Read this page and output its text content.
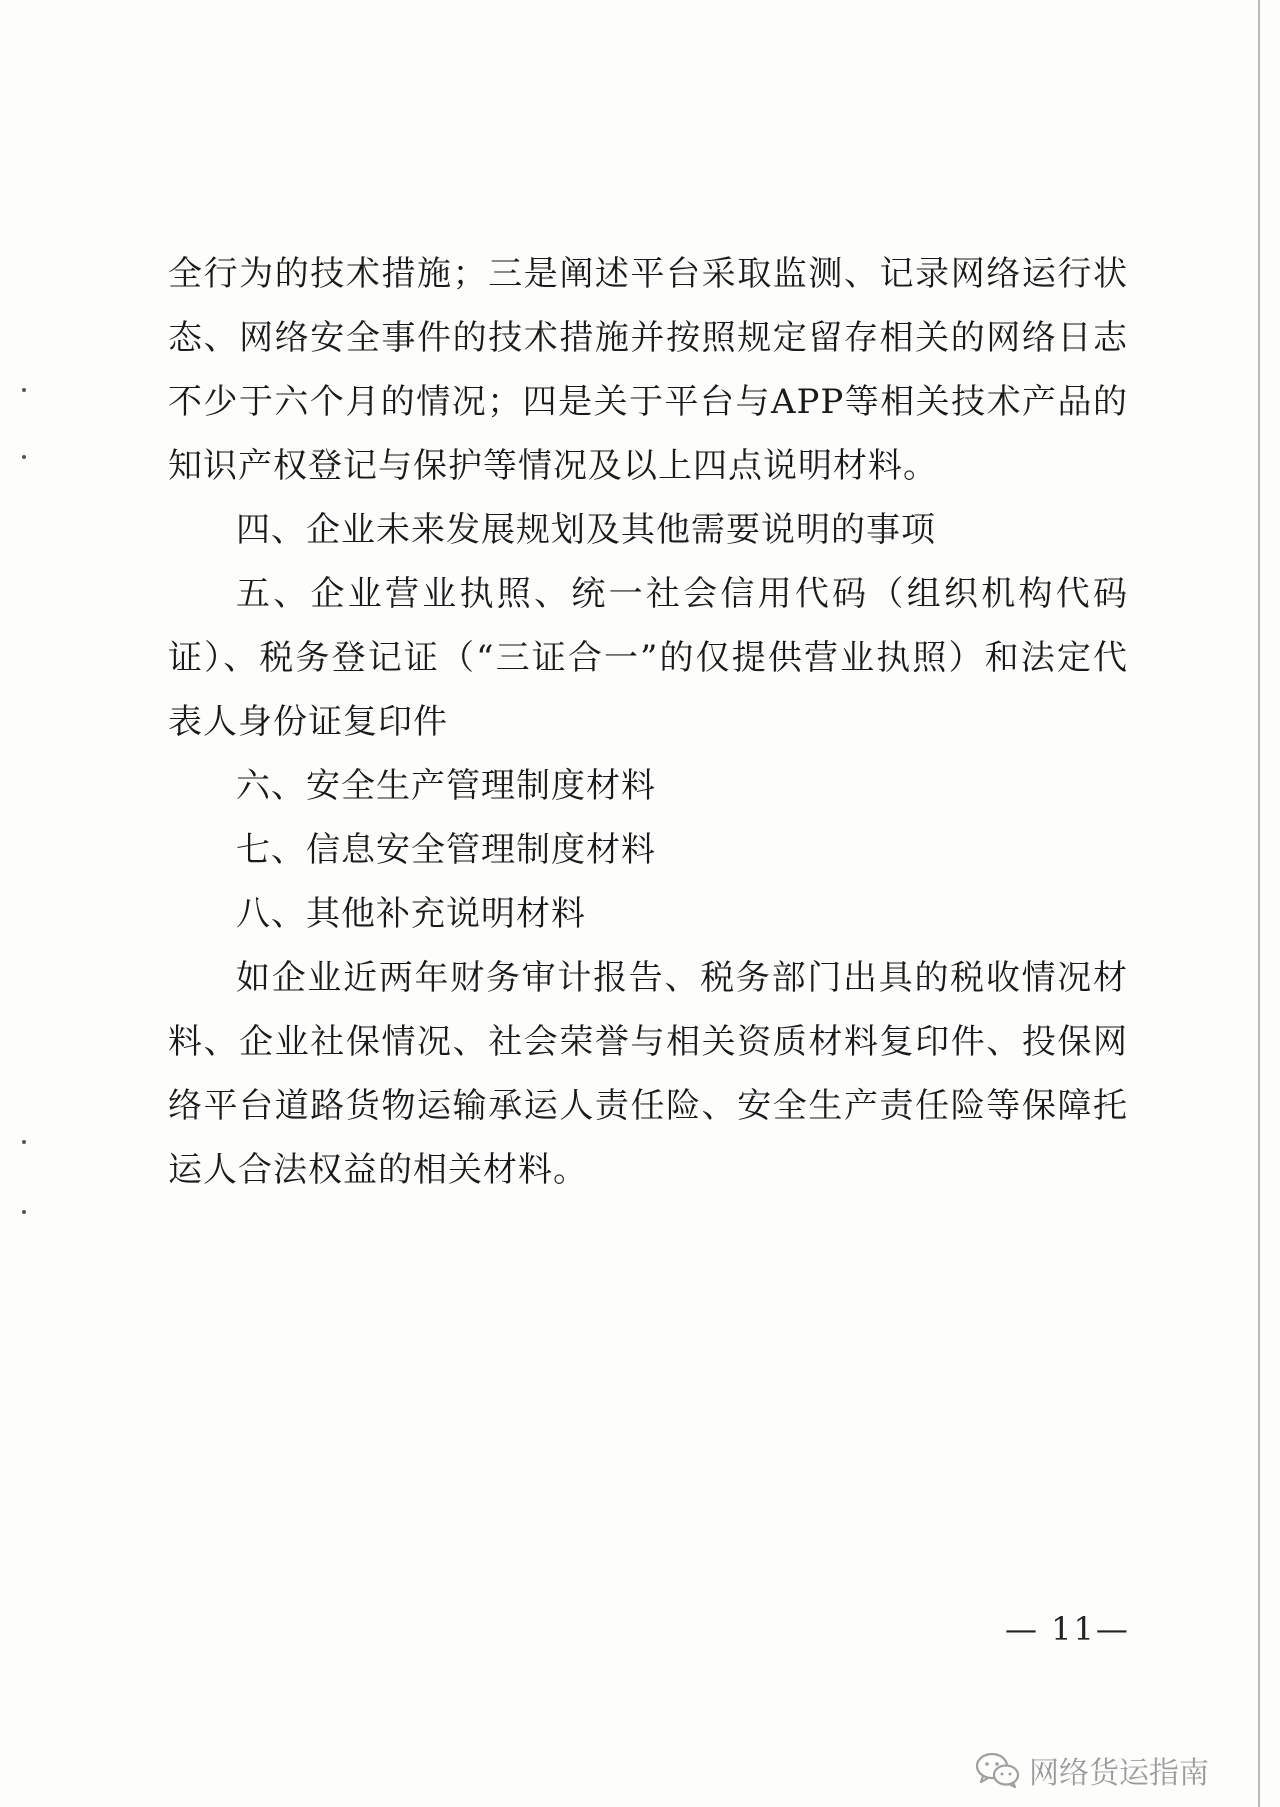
全行为的技术措施；三是阐述平台采取监测、记录网络运行状态、网络安全事件的技术措施并按照规定留存相关的网络日志不少于六个月的情况；四是关于平台与APP等相关技术产品的知识产权登记与保护等情况及以上四点说明材料。

四、企业未来发展规划及其他需要说明的事项

五、企业营业执照、统一社会信用代码（组织机构代码证）、税务登记证（“三证合一”的仅提供营业执照）和法定代表人身份证复印件

六、安全生产管理制度材料

七、信息安全管理制度材料

八、其他补充说明材料

如企业近两年财务审计报告、税务部门出具的税收情况材料、企业社保情况、社会荣誉与相关资质材料复印件、投保网络平台道路货物运输承运人责任险、安全生产责任险等保障托运人合法权益的相关材料。

— 11—
网络货运指南
